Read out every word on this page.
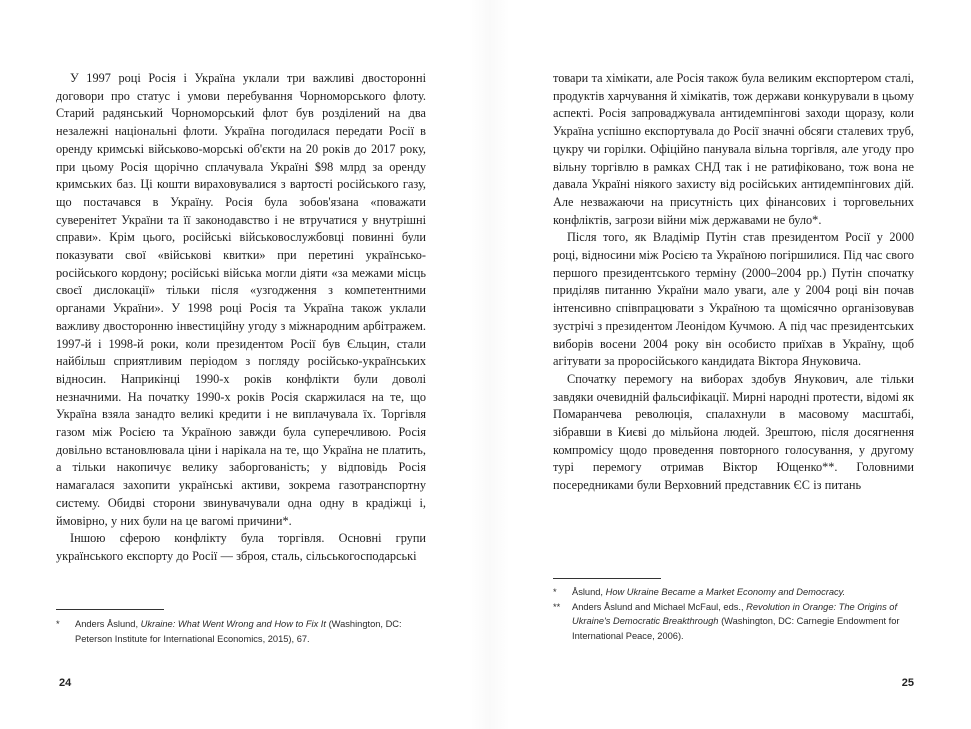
У 1997 році Росія і Україна уклали три важливі двосторонні договори про статус і умови перебування Чорноморського флоту. Старий радянський Чорноморський флот був розділений на два незалежні національні флоти. Україна погодилася передати Росії в оренду кримські військово-морські об'єкти на 20 років до 2017 року, при цьому Росія щорічно сплачувала Україні $98 млрд за оренду кримських баз. Ці кошти вираховувалися з вартості російського газу, що постачався в Україну. Росія була зобов'язана «поважати суверенітет України та її законодавство і не втручатися у внутрішні справи». Крім цього, російські військовослужбовці повинні були показувати свої «військові квитки» при перетині українсько-російського кордону; російські війська могли діяти «за межами місць своєї дислокації» тільки після «узгодження з компетентними органами України». У 1998 році Росія та Україна також уклали важливу двосторонню інвестиційну угоду з міжнародним арбітражем. 1997-й і 1998-й роки, коли президентом Росії був Єльцин, стали найбільш сприятливим періодом з погляду російсько-українських відносин. Наприкінці 1990-х років конфлікти були доволі незначними. На початку 1990-х років Росія скаржилася на те, що Україна взяла занадто великі кредити і не виплачувала їх. Торгівля газом між Росією та Україною завжди була суперечливою. Росія довільно встановлювала ціни і нарікала на те, що Україна не платить, а тільки накопичує велику заборгованість; у відповідь Росія намагалася захопити українські активи, зокрема газотранспортну систему. Обидві сторони звинувачували одна одну в крадіжці і, ймовірно, у них були на це вагомі причини*.

Іншою сферою конфлікту була торгівля. Основні групи українського експорту до Росії — зброя, сталь, сільськогосподарські

* Anders Åslund, Ukraine: What Went Wrong and How to Fix It (Washington, DC: Peterson Institute for International Economics, 2015), 67.

24

товари та хімікати, але Росія також була великим експортером сталі, продуктів харчування й хімікатів, тож держави конкурували в цьому аспекті. Росія запроваджувала антидемпінгові заходи щоразу, коли Україна успішно експортувала до Росії значні обсяги сталевих труб, цукру чи горілки. Офіційно панувала вільна торгівля, але угоду про вільну торгівлю в рамках СНД так і не ратифіковано, тож вона не давала Україні ніякого захисту від російських антидемпінгових дій. Але незважаючи на присутність цих фінансових і торговельних конфліктів, загрози війни між державами не було*.

Після того, як Владімір Путін став президентом Росії у 2000 році, відносини між Росією та Україною погіршилися. Під час свого першого президентського терміну (2000–2004 рр.) Путін спочатку приділяв питанню України мало уваги, але у 2004 році він почав інтенсивно співпрацювати з Україною та щомісячно організовував зустрічі з президентом Леонідом Кучмою. А під час президентських виборів восени 2004 року він особисто приїхав в Україну, щоб агітувати за проросійського кандидата Віктора Януковича.

Спочатку перемогу на виборах здобув Янукович, але тільки завдяки очевидній фальсифікації. Мирні народні протести, відомі як Помаранчева революція, спалахнули в масовому масштабі, зібравши в Києві до мільйона людей. Зрештою, після досягнення компромісу щодо проведення повторного голосування, у другому турі перемогу отримав Віктор Ющенко**. Головними посередниками були Верховний представник ЄС із питань

* Åslund, How Ukraine Became a Market Economy and Democracy.

** Anders Åslund and Michael McFaul, eds., Revolution in Orange: The Origins of Ukraine's Democratic Breakthrough (Washington, DC: Carnegie Endowment for International Peace, 2006).

25
